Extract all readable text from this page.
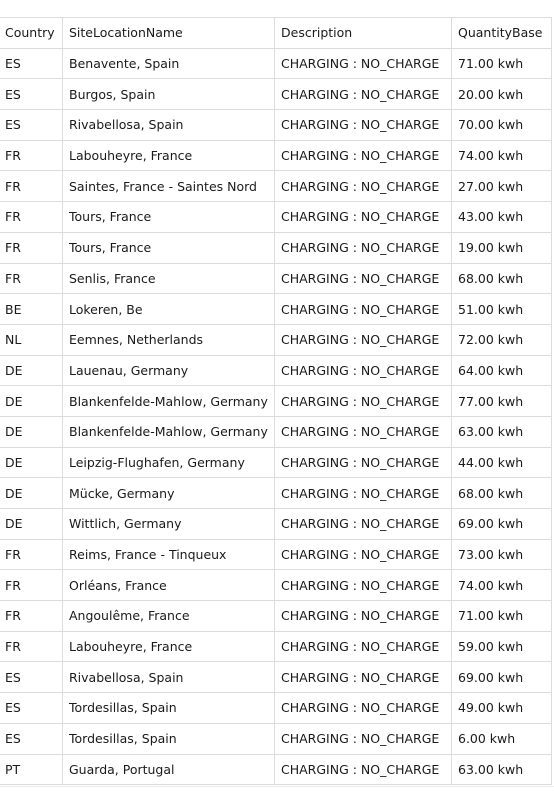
Country	SiteLocationName	Description	QuantityBase
ES	Benavente, Spain	CHARGING : NO_CHARGE	71.00 kwh
ES	Burgos, Spain	CHARGING : NO_CHARGE	20.00 kwh
ES	Rivabellosa, Spain	CHARGING : NO_CHARGE	70.00 kwh
FR	Labouheyre, France	CHARGING : NO_CHARGE	74.00 kwh
FR	Saintes, France - Saintes Nord	CHARGING : NO_CHARGE	27.00 kwh
FR	Tours, France	CHARGING : NO_CHARGE	43.00 kwh
FR	Tours, France	CHARGING : NO_CHARGE	19.00 kwh
FR	Senlis, France	CHARGING : NO_CHARGE	68.00 kwh
BE	Lokeren, Be	CHARGING : NO_CHARGE	51.00 kwh
NL	Eemnes, Netherlands	CHARGING : NO_CHARGE	72.00 kwh
DE	Lauenau, Germany	CHARGING : NO_CHARGE	64.00 kwh
DE	Blankenfelde-Mahlow, Germany	CHARGING : NO_CHARGE	77.00 kwh
DE	Blankenfelde-Mahlow, Germany	CHARGING : NO_CHARGE	63.00 kwh
DE	Leipzig-Flughafen, Germany	CHARGING : NO_CHARGE	44.00 kwh
DE	Mücke, Germany	CHARGING : NO_CHARGE	68.00 kwh
DE	Wittlich, Germany	CHARGING : NO_CHARGE	69.00 kwh
FR	Reims, France - Tinqueux	CHARGING : NO_CHARGE	73.00 kwh
FR	Orléans, France	CHARGING : NO_CHARGE	74.00 kwh
FR	Angoulême, France	CHARGING : NO_CHARGE	71.00 kwh
FR	Labouheyre, France	CHARGING : NO_CHARGE	59.00 kwh
ES	Rivabellosa, Spain	CHARGING : NO_CHARGE	69.00 kwh
ES	Tordesillas, Spain	CHARGING : NO_CHARGE	49.00 kwh
ES	Tordesillas, Spain	CHARGING : NO_CHARGE	6.00 kwh
PT	Guarda, Portugal	CHARGING : NO_CHARGE	63.00 kwh
